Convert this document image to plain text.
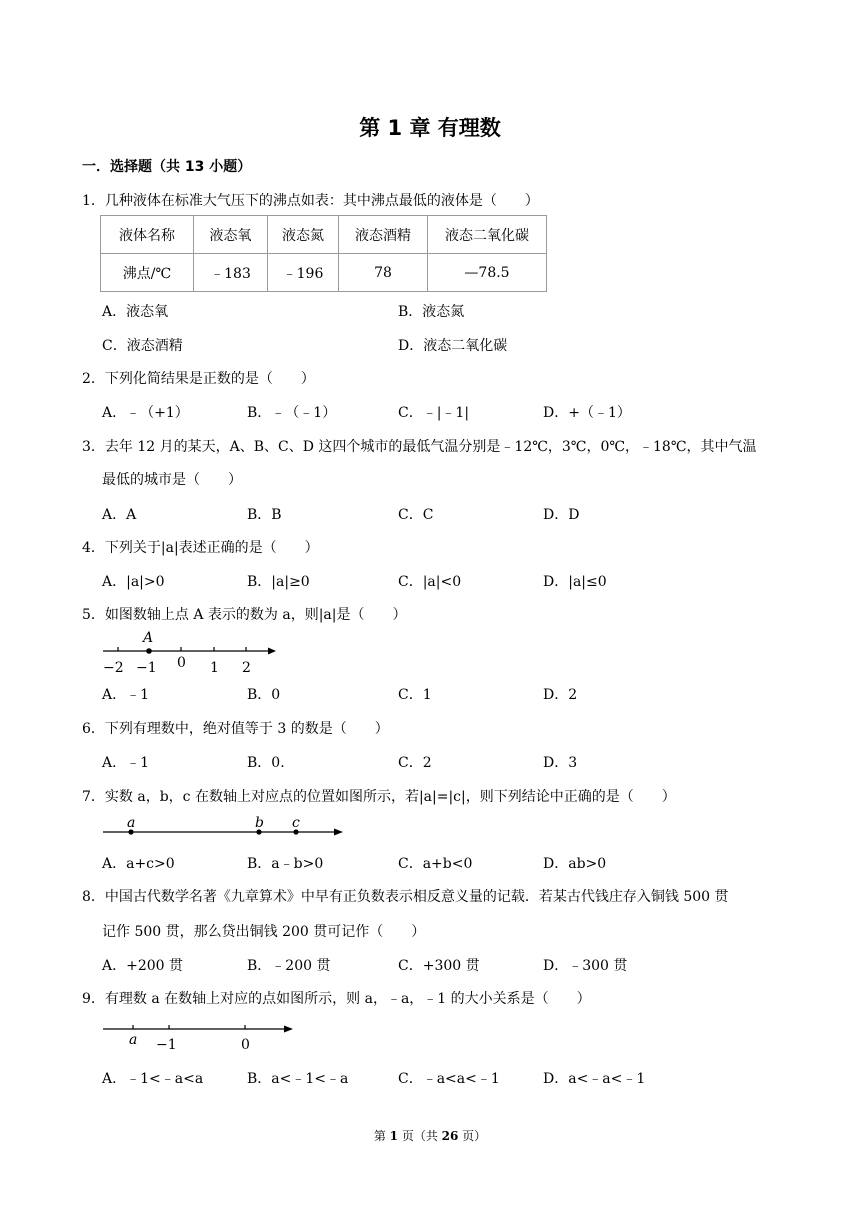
第 1 章 有理数
一．选择题（共 13 小题）
1．几种液体在标准大气压下的沸点如表：其中沸点最低的液体是（　　）
液体名称	液态氧	液态氮	液态酒精	液态二氧化碳
沸点/℃	﹣183	﹣196	78	—78.5
A．液态氧	B．液态氮
C．液态酒精	D．液态二氧化碳
2．下列化简结果是正数的是（　　）
A．﹣（+1）	B．﹣（﹣1）	C．﹣|﹣1|	D．+（﹣1）
3．去年 12 月的某天，A、B、C、D 这四个城市的最低气温分别是﹣12℃，3℃，0℃，﹣18℃，其中气温
最低的城市是（　　）
A．A	B．B	C．C	D．D
4．下列关于|a|表述正确的是（　　）
A．|a|>0	B．|a|≥0	C．|a|<0	D．|a|≤0
5．如图数轴上点 A 表示的数为 a，则|a|是（　　）
A
−2 −1 0 1 2
A．﹣1	B．0	C．1	D．2
6．下列有理数中，绝对值等于 3 的数是（　　）
A．﹣1	B．0.	C．2	D．3
7．实数 a，b，c 在数轴上对应点的位置如图所示，若|a|=|c|，则下列结论中正确的是（　　）
a	b c
A．a+c>0	B．a﹣b>0	C．a+b<0	D．ab>0
8．中国古代数学名著《九章算术》中早有正负数表示相反意义量的记载．若某古代钱庄存入铜钱 500 贯
记作 500 贯，那么贷出铜钱 200 贯可记作（　　）
A．+200 贯	B．﹣200 贯	C．+300 贯	D．﹣300 贯
9．有理数 a 在数轴上对应的点如图所示，则 a，﹣a，﹣1 的大小关系是（　　）
a −1	0
A．﹣1<﹣a<a	B．a<﹣1<﹣a	C．﹣a<a<﹣1	D．a<﹣a<﹣1
第 1 页（共 26 页）
